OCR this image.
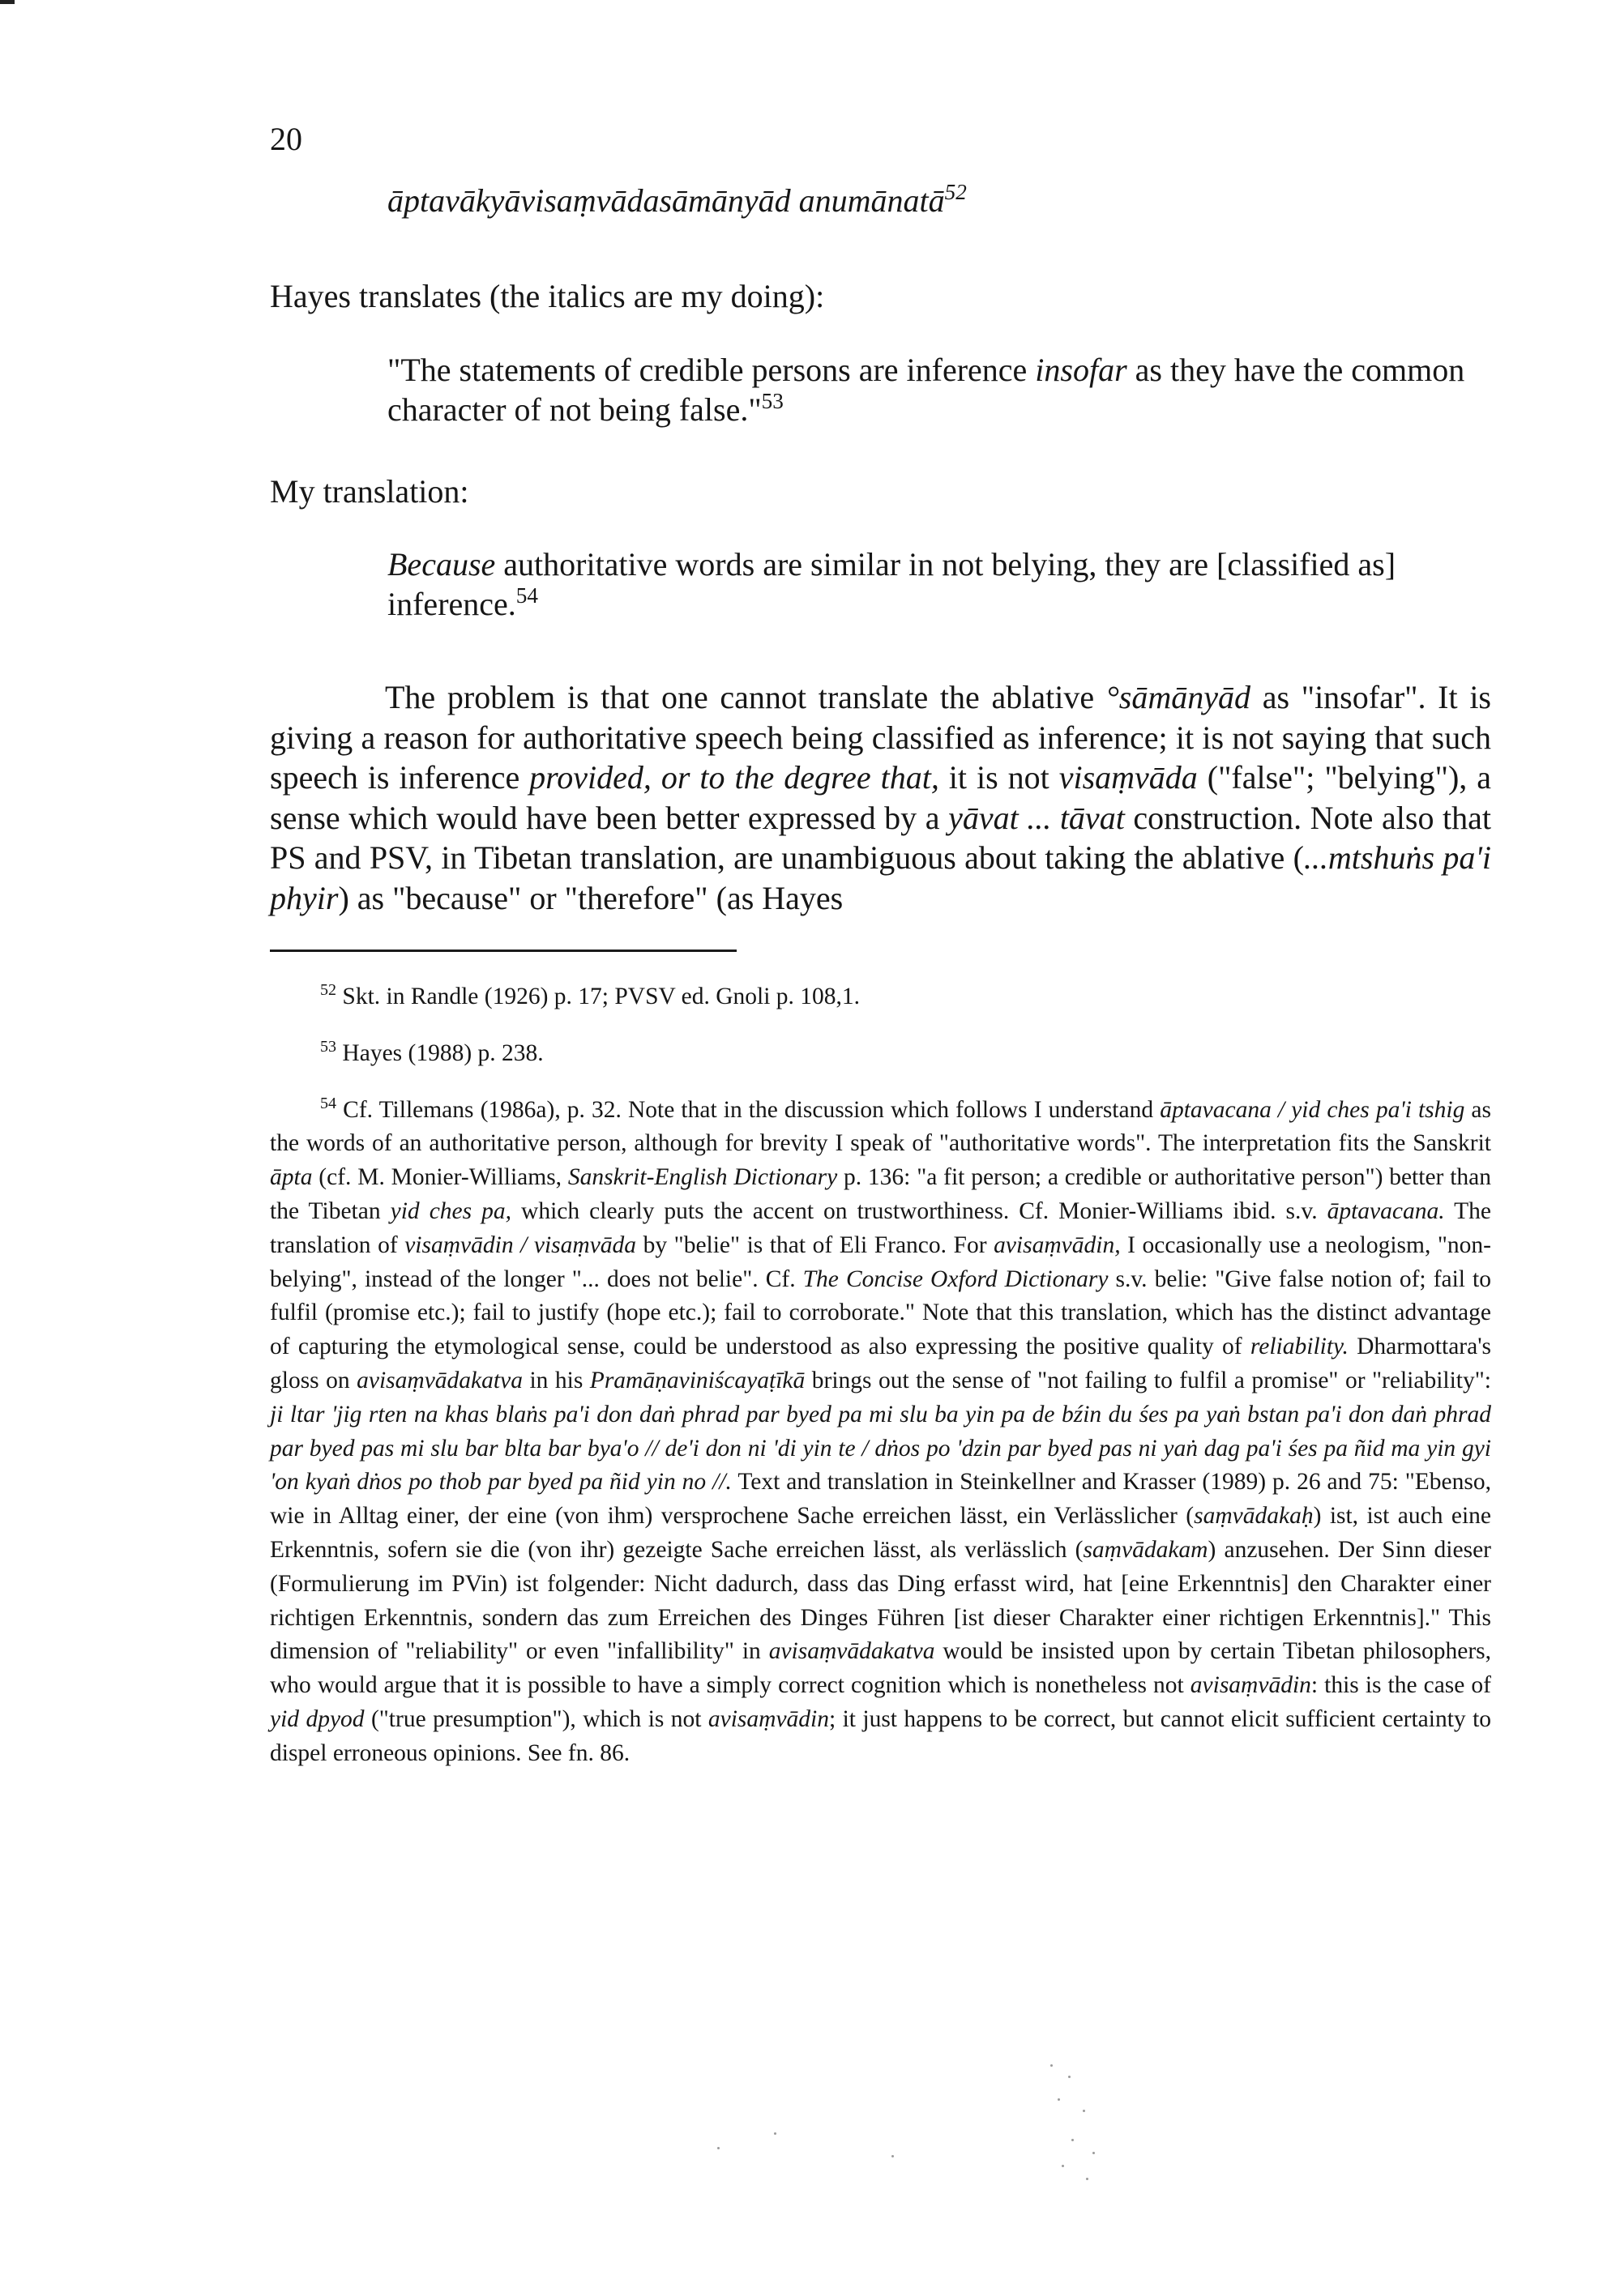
20
āptavākyāvisaṃvādasāmānyād anumānatā$^{52}$
Hayes translates (the italics are my doing):
"The statements of credible persons are inference insofar as they have the common character of not being false."$^{53}$
My translation:
Because authoritative words are similar in not belying, they are [classified as] inference.$^{54}$
The problem is that one cannot translate the ablative °sāmānyād as "insofar". It is giving a reason for authoritative speech being classified as inference; it is not saying that such speech is inference provided, or to the degree that, it is not visaṃvāda ("false"; "belying"), a sense which would have been better expressed by a yāvat ... tāvat construction. Note also that PS and PSV, in Tibetan translation, are unambiguous about taking the ablative (...mtshuṅs pa'i phyir) as "because" or "therefore" (as Hayes

$^{52}$ Skt. in Randle (1926) p. 17; PVSV ed. Gnoli p. 108,1.

$^{53}$ Hayes (1988) p. 238.

$^{54}$ Cf. Tillemans (1986a), p. 32. Note that in the discussion which follows I understand āptavacana / yid ches pa'i tshig as the words of an authoritative person, although for brevity I speak of "authoritative words". The interpretation fits the Sanskrit āpta (cf. M. Monier-Williams, Sanskrit-English Dictionary p. 136: "a fit person; a credible or authoritative person") better than the Tibetan yid ches pa, which clearly puts the accent on trustworthiness. Cf. Monier-Williams ibid. s.v. āptavacana. The translation of visaṃvādin / visaṃvāda by "belie" is that of Eli Franco. For avisaṃvādin, I occasionally use a neologism, "non-belying", instead of the longer "... does not belie". Cf. The Concise Oxford Dictionary s.v. belie: "Give false notion of; fail to fulfil (promise etc.); fail to justify (hope etc.); fail to corroborate." Note that this translation, which has the distinct advantage of capturing the etymological sense, could be understood as also expressing the positive quality of reliability. Dharmottara's gloss on avisaṃvādakatva in his Pramāṇaviniścayaṭīkā brings out the sense of "not failing to fulfil a promise" or "reliability": ji ltar 'jig rten na khas blaṅs pa'i don daṅ phrad par byed pa mi slu ba yin pa de bźin du śes pa yaṅ bstan pa'i don daṅ phrad par byed pas mi slu bar blta bar bya'o // de'i don ni 'di yin te / dṅos po 'dzin par byed pas ni yaṅ dag pa'i śes pa ñid ma yin gyi 'on kyaṅ dṅos po thob par byed pa ñid yin no //. Text and translation in Steinkellner and Krasser (1989) p. 26 and 75: "Ebenso, wie in Alltag einer, der eine (von ihm) versprochene Sache erreichen lässt, ein Verlässlicher (saṃvādakaḥ) ist, ist auch eine Erkenntnis, sofern sie die (von ihr) gezeigte Sache erreichen lässt, als verlässlich (saṃvādakam) anzusehen. Der Sinn dieser (Formulierung im PVin) ist folgender: Nicht dadurch, dass das Ding erfasst wird, hat [eine Erkenntnis] den Charakter einer richtigen Erkenntnis, sondern das zum Erreichen des Dinges Führen [ist dieser Charakter einer richtigen Erkenntnis]." This dimension of "reliability" or even "infallibility" in avisaṃvādakatva would be insisted upon by certain Tibetan philosophers, who would argue that it is possible to have a simply correct cognition which is nonetheless not avisaṃvādin: this is the case of yid dpyod ("true presumption"), which is not avisaṃvādin; it just happens to be correct, but cannot elicit sufficient certainty to dispel erroneous opinions. See fn. 86.
